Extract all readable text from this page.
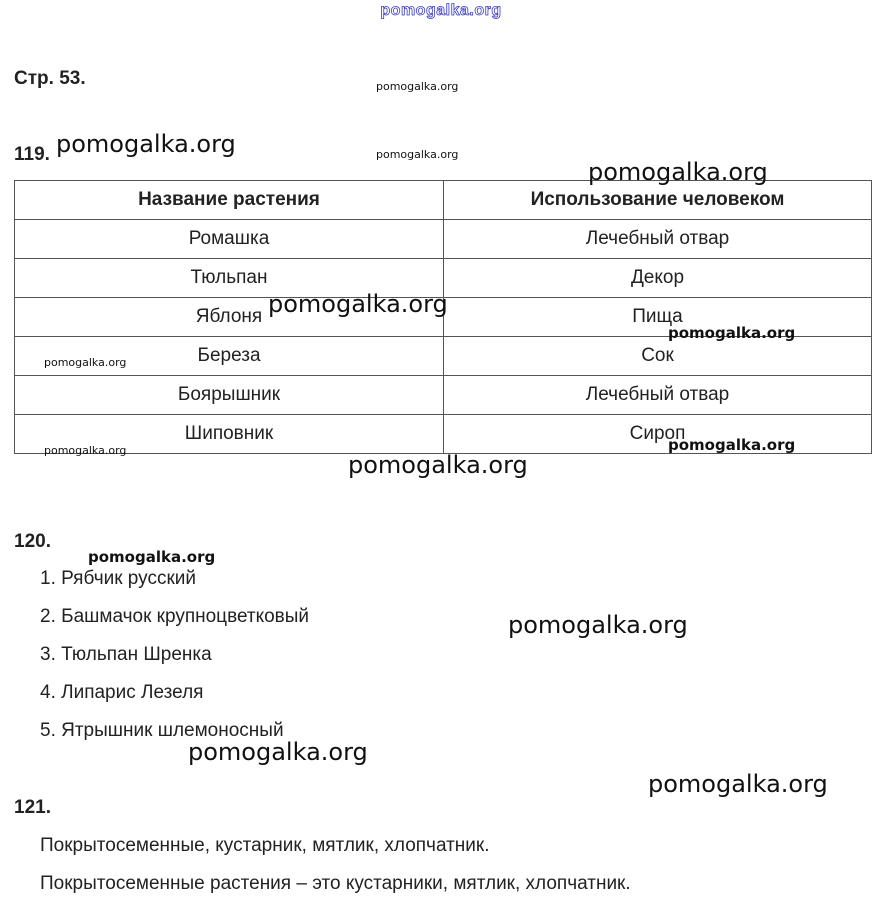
pomogalka.org
Стр. 53.
119.
Название растения	Использование человеком
Ромашка	Лечебный отвар
Тюльпан	Декор
Яблоня	Пища
Береза	Сок
Боярышник	Лечебный отвар
Шиповник	Сироп
120.
1. Рябчик русский
2. Башмачок крупноцветковый
3. Тюльпан Шренка
4. Липарис Лезеля
5. Ятрышник шлемоносный
121.
Покрытосеменные, кустарник, мятлик, хлопчатник.
Покрытосеменные растения – это кустарники, мятлик, хлопчатник.
pomogalka.org
pomogalka.org
pomogalka.org
pomogalka.org
pomogalka.org
pomogalka.org
pomogalka.org
pomogalka.org
pomogalka.org
pomogalka.org
pomogalka.org
pomogalka.org
pomogalka.org
pomogalka.org
